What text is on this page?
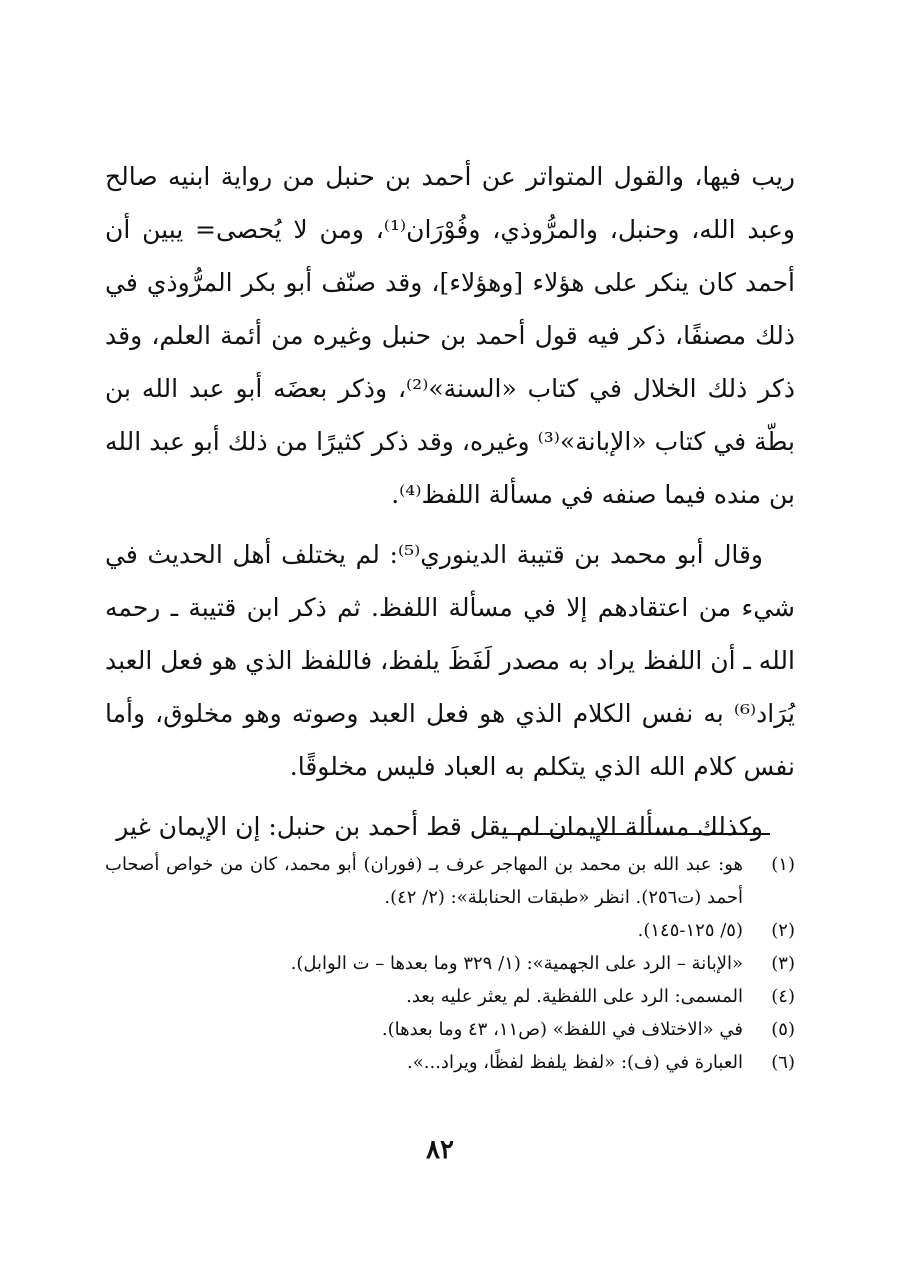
ريب فيها، والقول المتواتر عن أحمد بن حنبل من رواية ابنيه صالح وعبد الله، وحنبل، والمرُّوذي، وفُوْرَان⁽¹⁾، ومن لا يُحصى= يبين أن أحمد كان ينكر على هؤلاء [وهؤلاء]، وقد صنّف أبو بكر المرُّوذي في ذلك مصنفًا، ذكر فيه قول أحمد بن حنبل وغيره من أئمة العلم، وقد ذكر ذلك الخلال في كتاب «السنة»⁽²⁾، وذكر بعضَه أبو عبد الله بن بطّة في كتاب «الإبانة»⁽³⁾ وغيره، وقد ذكر كثيرًا من ذلك أبو عبد الله بن منده فيما صنفه في مسألة اللفظ⁽⁴⁾.

وقال أبو محمد بن قتيبة الدينوري⁽⁵⁾: لم يختلف أهل الحديث في شيء من اعتقادهم إلا في مسألة اللفظ. ثم ذكر ابن قتيبة ـ رحمه الله ـ أن اللفظ يراد به مصدر لَفَظَ يلفظ، فاللفظ الذي هو فعل العبد يُرَاد⁽⁶⁾ به نفس الكلام الذي هو فعل العبد وصوته وهو مخلوق، وأما نفس كلام الله الذي يتكلم به العباد فليس مخلوقًا.

وكذلك مسألة الإيمان لم يقل قط أحمد بن حنبل: إن الإيمان غير

(١)
هو: عبد الله بن محمد بن المهاجر عرف بـ (فوران) أبو محمد، كان من خواص أصحاب أحمد (ت٢٥٦). انظر «طبقات الحنابلة»: (٢/ ٤٢).
(٢)
(٥/ ١٢٥-١٤٥).
(٣)
«الإبانة – الرد على الجهمية»: (١/ ٣٢٩ وما بعدها – ت الوابل).
(٤)
المسمى: الرد على اللفظية. لم يعثر عليه بعد.
(٥)
في «الاختلاف في اللفظ» (ص١١، ٤٣ وما بعدها).
(٦)
العبارة في (ف): «لفظ يلفظ لفظًا، ويراد...».
٨٢
